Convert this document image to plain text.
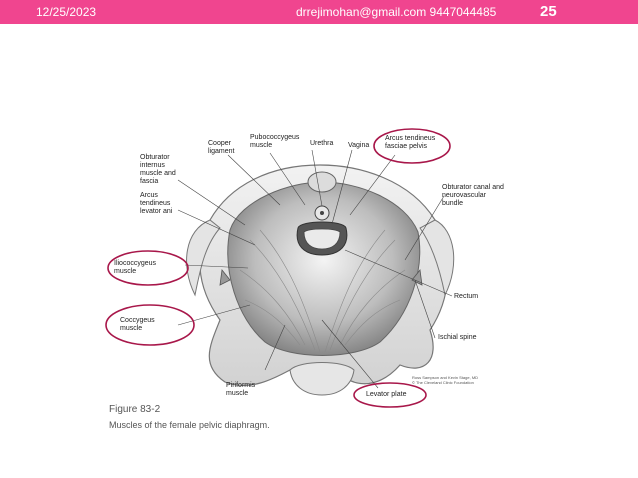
12/25/2023	drrejimohan@gmail.com 9447044485	25
Cooper
ligament
Pubococcygeus
muscle	Urethra Vagina
Arcus tendineus
fasciae pelvis
Obturator
internus
muscle and
fascia
Arcus
tendineus
levator ani
Obturator canal and
neurovascular
bundle
Iliococcygeus
muscle
Rectum
Coccygeus
muscle
Ischial spine
Piriformis
muscle	Levator plate
Ross Sampson and Kevin Stage, MD
© The Cleveland Clinic Foundation
Figure 83-2
Muscles of the female pelvic diaphragm.
